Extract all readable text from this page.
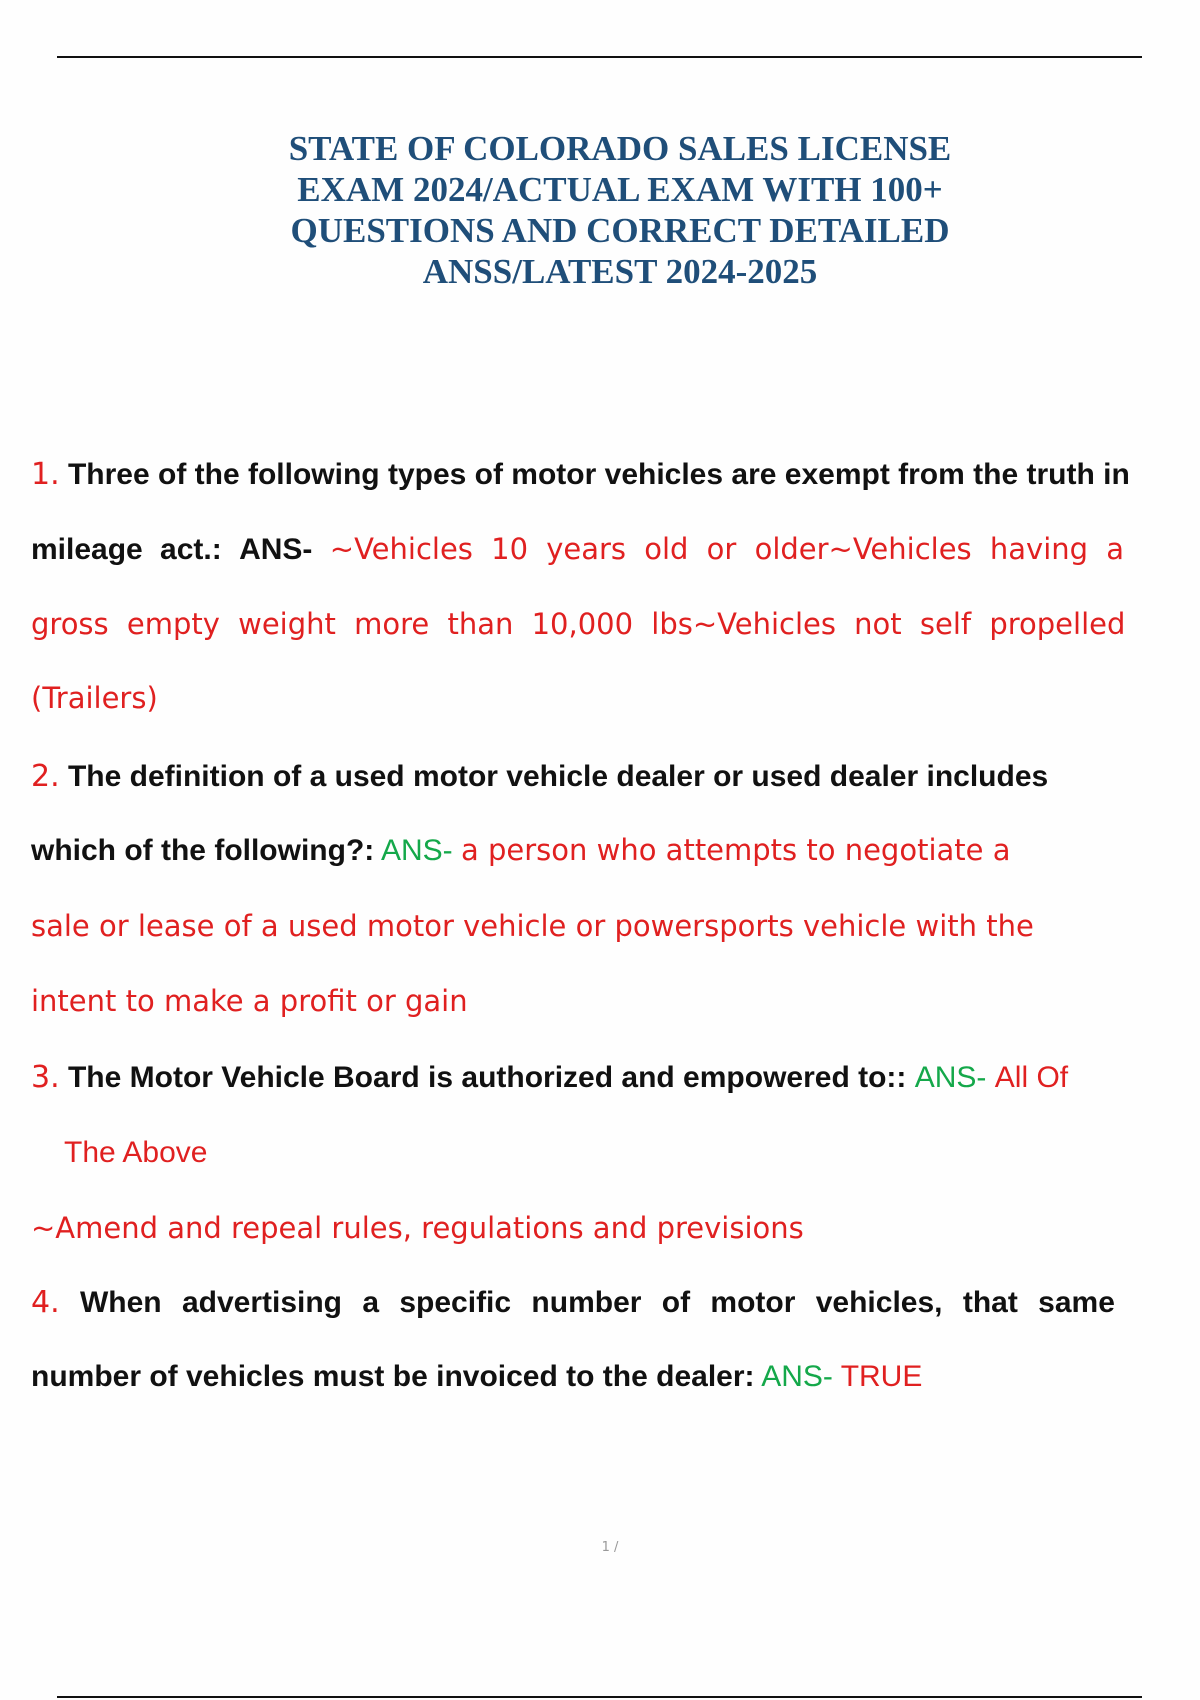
STATE OF COLORADO SALES LICENSE
EXAM 2024/ACTUAL EXAM WITH 100+
QUESTIONS AND CORRECT DETAILED
ANSS/LATEST 2024-2025
1. Three of the following types of motor vehicles are exempt from the truth in
mileage act.: ANS- ~Vehicles 10 years old or older~Vehicles having a
gross empty weight more than 10,000 lbs~Vehicles not self propelled
(Trailers)
2. The definition of a used motor vehicle dealer or used dealer includes
which of the following?: ANS- a person who attempts to negotiate a
sale or lease of a used motor vehicle or powersports vehicle with the
intent to make a profit or gain
3. The Motor Vehicle Board is authorized and empowered to:: ANS- All Of
The Above
~Amend and repeal rules, regulations and previsions
4. When advertising a specific number of motor vehicles, that same
number of vehicles must be invoiced to the dealer: ANS- TRUE
1 /
